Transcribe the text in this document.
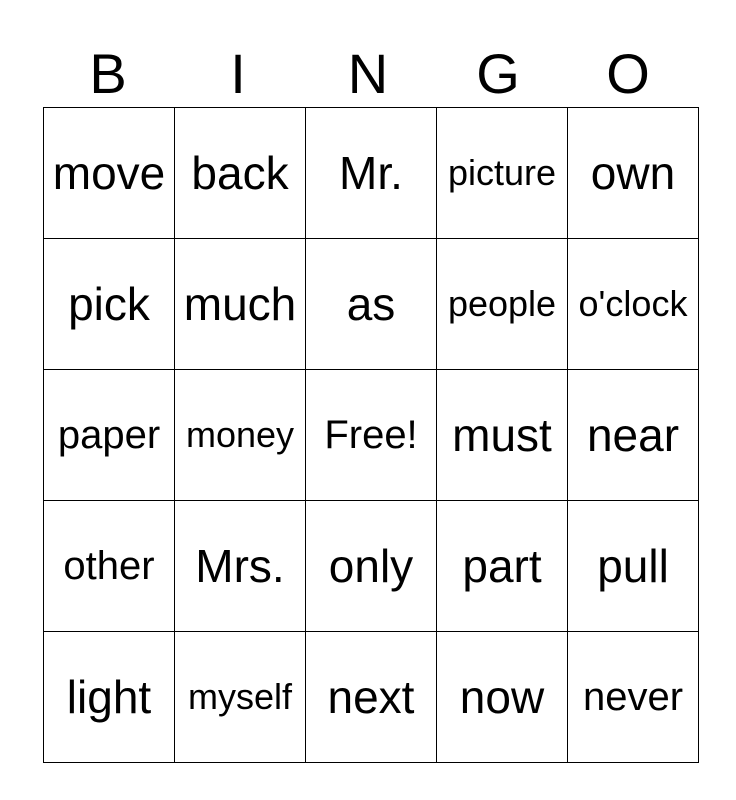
B	I	N	G	O
move	back	Mr.	picture	own
pick	much	as	people	o'clock
paper	money	Free!	must	near
other	Mrs.	only	part	pull
light	myself	next	now	never
